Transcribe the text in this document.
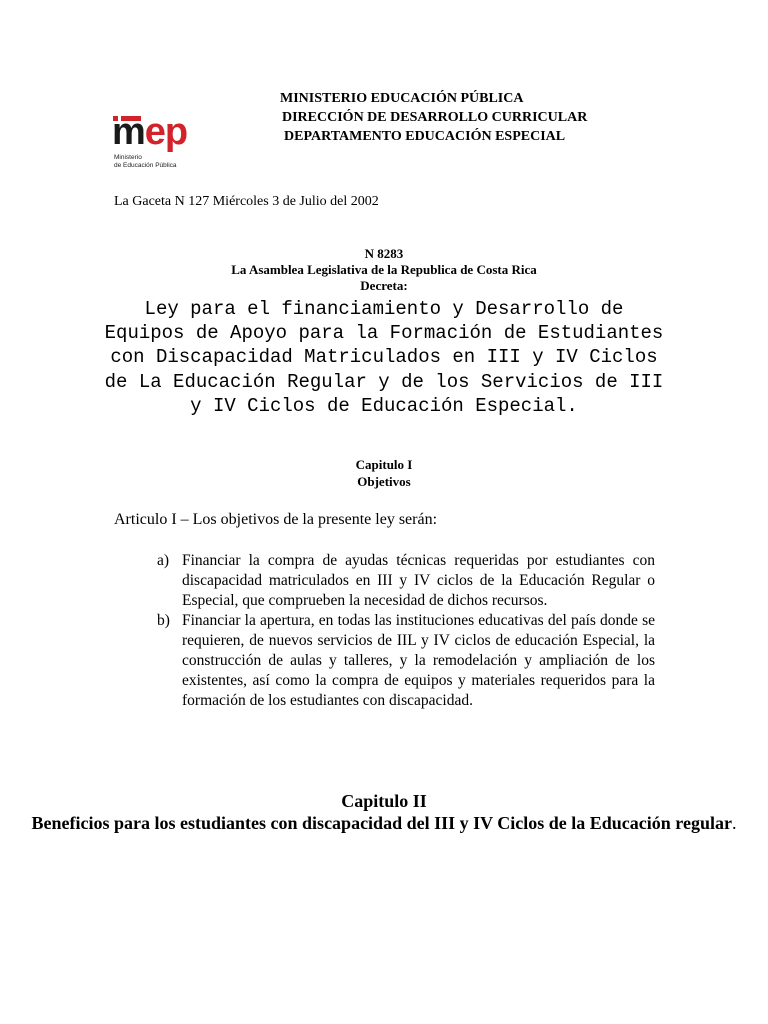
mep
Ministerio
de Educación Pública
MINISTERIO EDUCACIÓN PÚBLICA
DIRECCIÓN DE DESARROLLO CURRICULAR
DEPARTAMENTO EDUCACIÓN ESPECIAL
La Gaceta N 127 Miércoles 3 de Julio del 2002
N 8283
La Asamblea Legislativa de la Republica de Costa Rica
Decreta:
Ley para el financiamiento y Desarrollo de Equipos de Apoyo para la Formación de Estudiantes con Discapacidad Matriculados en III y IV Ciclos de La Educación Regular y de los Servicios de III y IV Ciclos de Educación Especial.
Capitulo I
Objetivos
Articulo I – Los objetivos de la presente ley serán:
a) Financiar la compra de ayudas técnicas requeridas por estudiantes con discapacidad matriculados en III y IV ciclos de la Educación Regular o Especial, que comprueben la necesidad de dichos recursos.
b) Financiar la apertura, en todas las instituciones educativas del país donde se requieren, de nuevos servicios de IIL y IV ciclos de educación Especial, la construcción de aulas y talleres, y la remodelación y ampliación de los existentes, así como la compra de equipos y materiales requeridos para la formación de los estudiantes con discapacidad.
Capitulo II
Beneficios para los estudiantes con discapacidad del III y IV Ciclos de la Educación regular.
